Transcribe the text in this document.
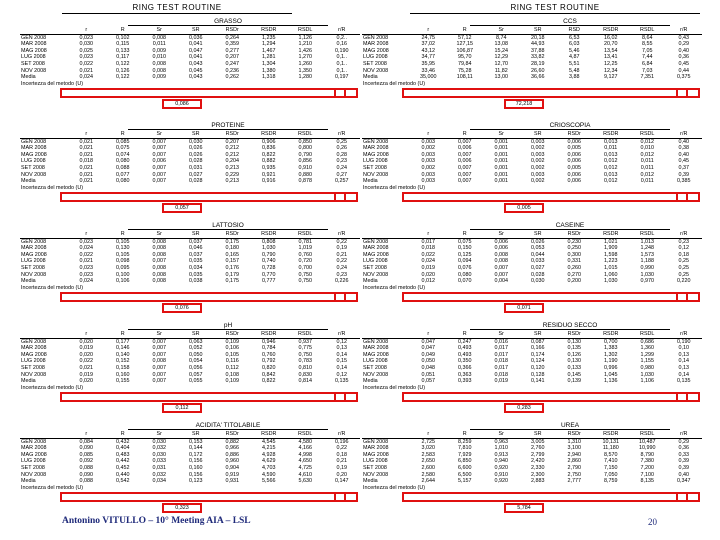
RING TEST ROUTINE	RING TEST ROUTINE
GRASSO
	r	R	Sr	SR	RSDr	RSDR	RSDL	r/R
GEN 2008	0,023	0,102	0,008	0,036	0,264	1,235	1,126	0,2..
MAR 2008	0,030	0,115	0,011	0,041	0,359	1,294	1,210	0,16
MAG 2008	0,025	0,133	0,009	0,047	0,277	1,467	1,426	0,190
LUG 2008	0,023	0,117	0,010	0,041	0,207	1,281	1,270	0,1..
SET 2008	0,022	0,122	0,008	0,043	0,247	1,304	1,260	0,1..
NOV 2008	0,021	0,126	0,008	0,045	0,236	1,380	1,350	0,1..
Media	0,024	0,122	0,009	0,043	0,262	1,318	1,280	0,197
Incertezza del metodo (U)								
0,086
PROTEINE
	r	R	Sr	SR	RSDr	RSDR	RSDL	r/R
GEN 2008	0,021	0,085	0,007	0,030	0,207	0,906	0,850	0,25
MAR 2008	0,021	0,075	0,007	0,026	0,212	0,836	0,800	0,26
MAG 2008	0,021	0,074	0,007	0,026	0,212	0,822	0,790	0,28
LUG 2008	0,018	0,080	0,006	0,028	0,204	0,882	0,856	0,23
SET 2008	0,021	0,088	0,007	0,031	0,213	0,935	0,910	0,24
NOV 2008	0,021	0,077	0,007	0,027	0,229	0,921	0,880	0,27
Media	0,021	0,080	0,007	0,028	0,213	0,916	0,878	0,257
Incertezza del metodo (U)								
0,057
LATTOSIO
	r	R	Sr	SR	RSDr	RSDR	RSDL	r/R
GEN 2008	0,023	0,105	0,008	0,037	0,175	0,808	0,781	0,22
MAR 2008	0,024	0,130	0,008	0,046	0,180	1,030	1,019	0,19
MAG 2008	0,022	0,105	0,008	0,037	0,165	0,790	0,760	0,21
LUG 2008	0,021	0,098	0,007	0,035	0,157	0,740	0,720	0,22
SET 2008	0,023	0,095	0,008	0,034	0,176	0,728	0,700	0,24
NOV 2008	0,023	0,100	0,008	0,035	0,179	0,770	0,750	0,23
Media	0,024	0,106	0,008	0,038	0,175	0,777	0,750	0,226
Incertezza del metodo (U)								
0,076
pH
	r	R	Sr	SR	RSDr	RSDR	RSDL	r/R
GEN 2008	0,020	0,177	0,007	0,063	0,109	0,946	0,937	0,12
MAR 2008	0,019	0,146	0,007	0,052	0,106	0,784	0,775	0,13
MAG 2008	0,020	0,140	0,007	0,050	0,105	0,760	0,750	0,14
LUG 2008	0,022	0,152	0,008	0,054	0,116	0,792	0,783	0,15
SET 2008	0,021	0,158	0,007	0,056	0,112	0,820	0,810	0,14
NOV 2008	0,019	0,160	0,007	0,057	0,108	0,842	0,830	0,12
Media	0,020	0,155	0,007	0,055	0,109	0,822	0,814	0,135
Incertezza del metodo (U)								
0,112
ACIDITA' TITOLABILE
	r	R	Sr	SR	RSDr	RSDR	RSDL	r/R
GEN 2008	0,084	0,432	0,030	0,153	0,882	4,545	4,580	0,196
MAR 2008	0,090	0,404	0,032	0,144	0,966	4,215	4,166	0,22
MAG 2008	0,085	0,483	0,030	0,172	0,886	4,928	4,998	0,18
LUG 2008	0,092	0,442	0,033	0,156	0,960	4,629	4,650	0,21
SET 2008	0,088	0,452	0,031	0,160	0,904	4,703	4,725	0,19
NOV 2008	0,090	0,440	0,032	0,156	0,919	4,590	4,610	0,20
Media	0,088	0,542	0,034	0,123	0,931	5,566	5,630	0,147
Incertezza del metodo (U)								
0,323
CCS
	r	R	Sr	SR	RSD	RSDR	RSDL	r/R
GEN 2008	24,75	57,12	8,74	20,18	6,53	16,02	8,64	0,43
MAR 2008	37,02	127,15	13,08	44,93	6,03	20,70	8,55	0,29
MAG 2008	43,12	106,87	15,24	37,88	5,46	13,54	7,05	0,40
LUG 2008	34,77	95,70	12,29	33,82	4,87	13,41	7,44	0,36
SET 2008	35,95	79,84	12,70	28,19	5,51	12,25	6,84	0,45
NOV 2008	33,46	75,28	11,82	26,60	5,48	12,34	7,03	0,44
Media	35,000	108,11	13,00	36,66	3,88	9,127	7,351	0,375
Incertezza del metodo (U)								
72,218
CRIOSCOPIA
	r	R	Sr	SR	RSDr	RSDR	RSDL	r/R
GEN 2008	0,003	0,007	0,001	0,003	0,006	0,013	0,012	0,40
MAR 2008	0,002	0,006	0,001	0,002	0,005	0,011	0,010	0,38
MAG 2008	0,003	0,007	0,001	0,003	0,006	0,013	0,012	0,40
LUG 2008	0,003	0,006	0,001	0,002	0,006	0,012	0,011	0,45
SET 2008	0,002	0,007	0,001	0,002	0,005	0,012	0,011	0,37
NOV 2008	0,003	0,007	0,001	0,003	0,006	0,013	0,012	0,39
Media	0,003	0,007	0,001	0,002	0,006	0,012	0,011	0,385
Incertezza del metodo (U)								
0,005
CASEINE
	r	R	Sr	SR	RSDr	RSDR	RSDL	r/R
GEN 2008	0,017	0,075	0,006	0,026	0,230	1,021	1,013	0,23
MAR 2008	0,018	0,150	0,006	0,053	0,250	1,909	1,248	0,12
MAG 2008	0,022	0,125	0,008	0,044	0,300	1,598	1,573	0,18
LUG 2008	0,024	0,094	0,008	0,033	0,331	1,223	1,188	0,25
SET 2008	0,019	0,076	0,007	0,027	0,260	1,015	0,990	0,25
NOV 2008	0,020	0,080	0,007	0,028	0,270	1,060	1,030	0,25
Media	0,012	0,070	0,004	0,030	0,200	1,030	0,970	0,220
Incertezza del metodo (U)								
0,071
RESIDUO SECCO
	r	R	Sr	SR	RSDr	RSDR	RSDL	r/R
GEN 2008	0,047	0,247	0,016	0,087	0,130	0,700	0,686	0,190
MAR 2008	0,047	0,493	0,017	0,166	0,135	1,383	1,360	0,10
MAG 2008	0,049	0,493	0,017	0,174	0,126	1,302	1,299	0,13
LUG 2008	0,050	0,350	0,018	0,124	0,130	1,190	1,155	0,14
SET 2008	0,048	0,366	0,017	0,120	0,133	0,996	0,980	0,13
NOV 2008	0,051	0,363	0,018	0,128	0,145	1,045	1,030	0,14
Media	0,057	0,393	0,019	0,141	0,139	1,136	1,106	0,135
Incertezza del metodo (U)								
0,283
UREA
	r	R	Sr	SR	RSDr	RSDR	RSDL	r/R
GEN 2008	2,725	8,259	0,963	3,005	1,310	10,131	10,487	0,29
MAR 2008	3,020	7,810	1,010	2,760	3,100	11,180	10,990	0,36
MAG 2008	2,583	7,929	0,913	2,799	2,940	8,570	8,790	0,33
LUG 2008	2,650	6,850	0,940	2,420	2,860	7,410	7,380	0,39
SET 2008	2,600	6,600	0,920	2,330	2,790	7,150	7,200	0,39
NOV 2008	2,580	6,500	0,910	2,300	2,750	7,050	7,100	0,40
Media	2,644	5,157	0,920	2,883	2,777	8,759	8,135	0,347
Incertezza del metodo (U)								
5,784
Antonino VITULLO – 10° Meeting AIA – LSL	20
